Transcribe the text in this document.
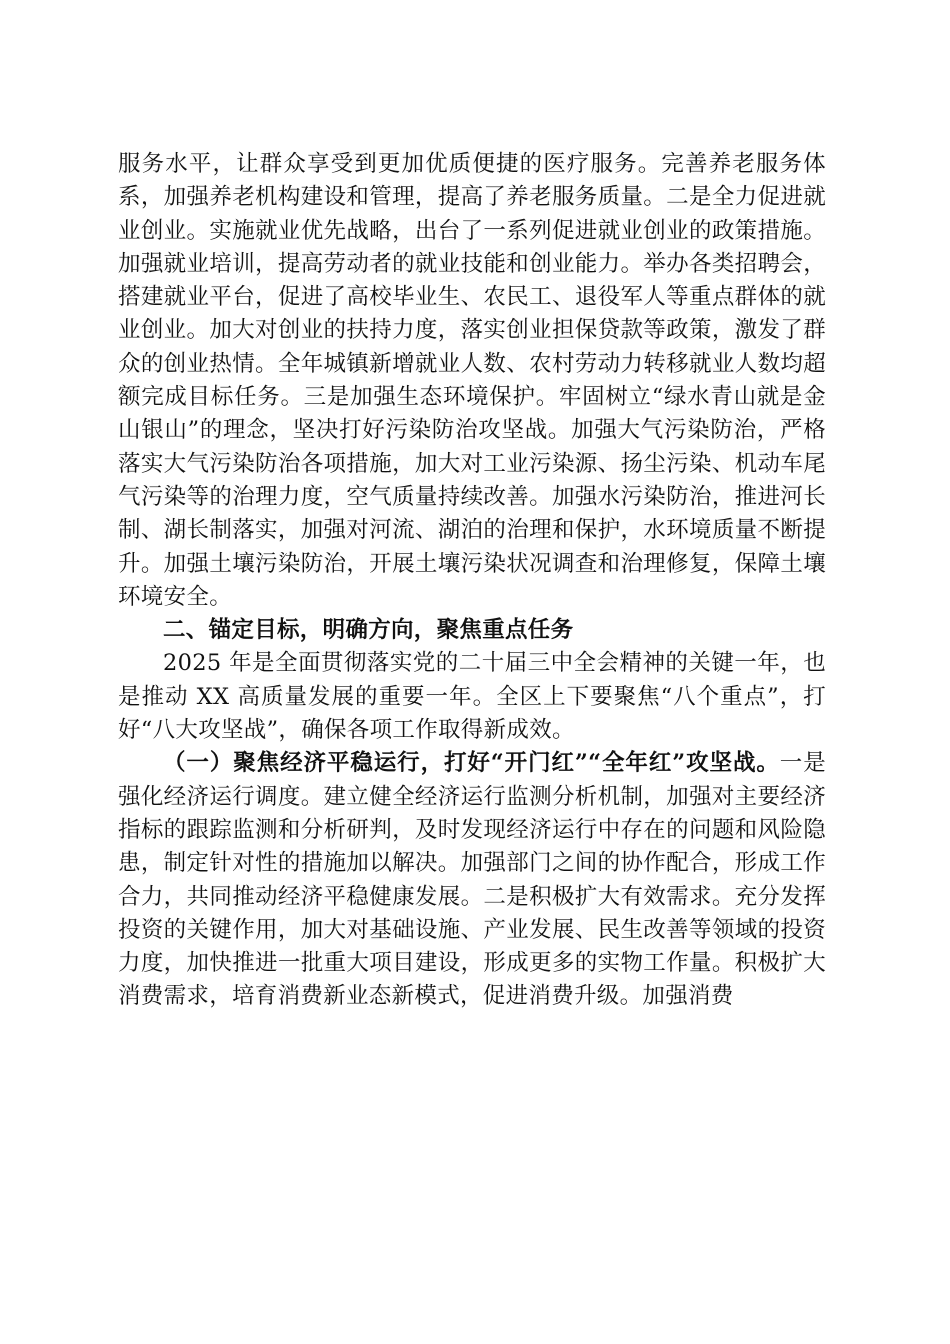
服务水平，让群众享受到更加优质便捷的医疗服务。完善养老服务体系，加强养老机构建设和管理，提高了养老服务质量。二是全力促进就业创业。实施就业优先战略，出台了一系列促进就业创业的政策措施。加强就业培训，提高劳动者的就业技能和创业能力。举办各类招聘会，搭建就业平台，促进了高校毕业生、农民工、退役军人等重点群体的就业创业。加大对创业的扶持力度，落实创业担保贷款等政策，激发了群众的创业热情。全年城镇新增就业人数、农村劳动力转移就业人数均超额完成目标任务。三是加强生态环境保护。牢固树立“绿水青山就是金山银山”的理念，坚决打好污染防治攻坚战。加强大气污染防治，严格落实大气污染防治各项措施，加大对工业污染源、扬尘污染、机动车尾气污染等的治理力度，空气质量持续改善。加强水污染防治，推进河长制、湖长制落实，加强对河流、湖泊的治理和保护，水环境质量不断提升。加强土壤污染防治，开展土壤污染状况调查和治理修复，保障土壤环境安全。

二、锚定目标，明确方向，聚焦重点任务

2025 年是全面贯彻落实党的二十届三中全会精神的关键一年，也是推动 XX 高质量发展的重要一年。全区上下要聚焦“八个重点”，打好“八大攻坚战”，确保各项工作取得新成效。

（一）聚焦经济平稳运行，打好“开门红”“全年红”攻坚战。一是强化经济运行调度。建立健全经济运行监测分析机制，加强对主要经济指标的跟踪监测和分析研判，及时发现经济运行中存在的问题和风险隐患，制定针对性的措施加以解决。加强部门之间的协作配合，形成工作合力，共同推动经济平稳健康发展。二是积极扩大有效需求。充分发挥投资的关键作用，加大对基础设施、产业发展、民生改善等领域的投资力度，加快推进一批重大项目建设，形成更多的实物工作量。积极扩大消费需求，培育消费新业态新模式，促进消费升级。加强消费
